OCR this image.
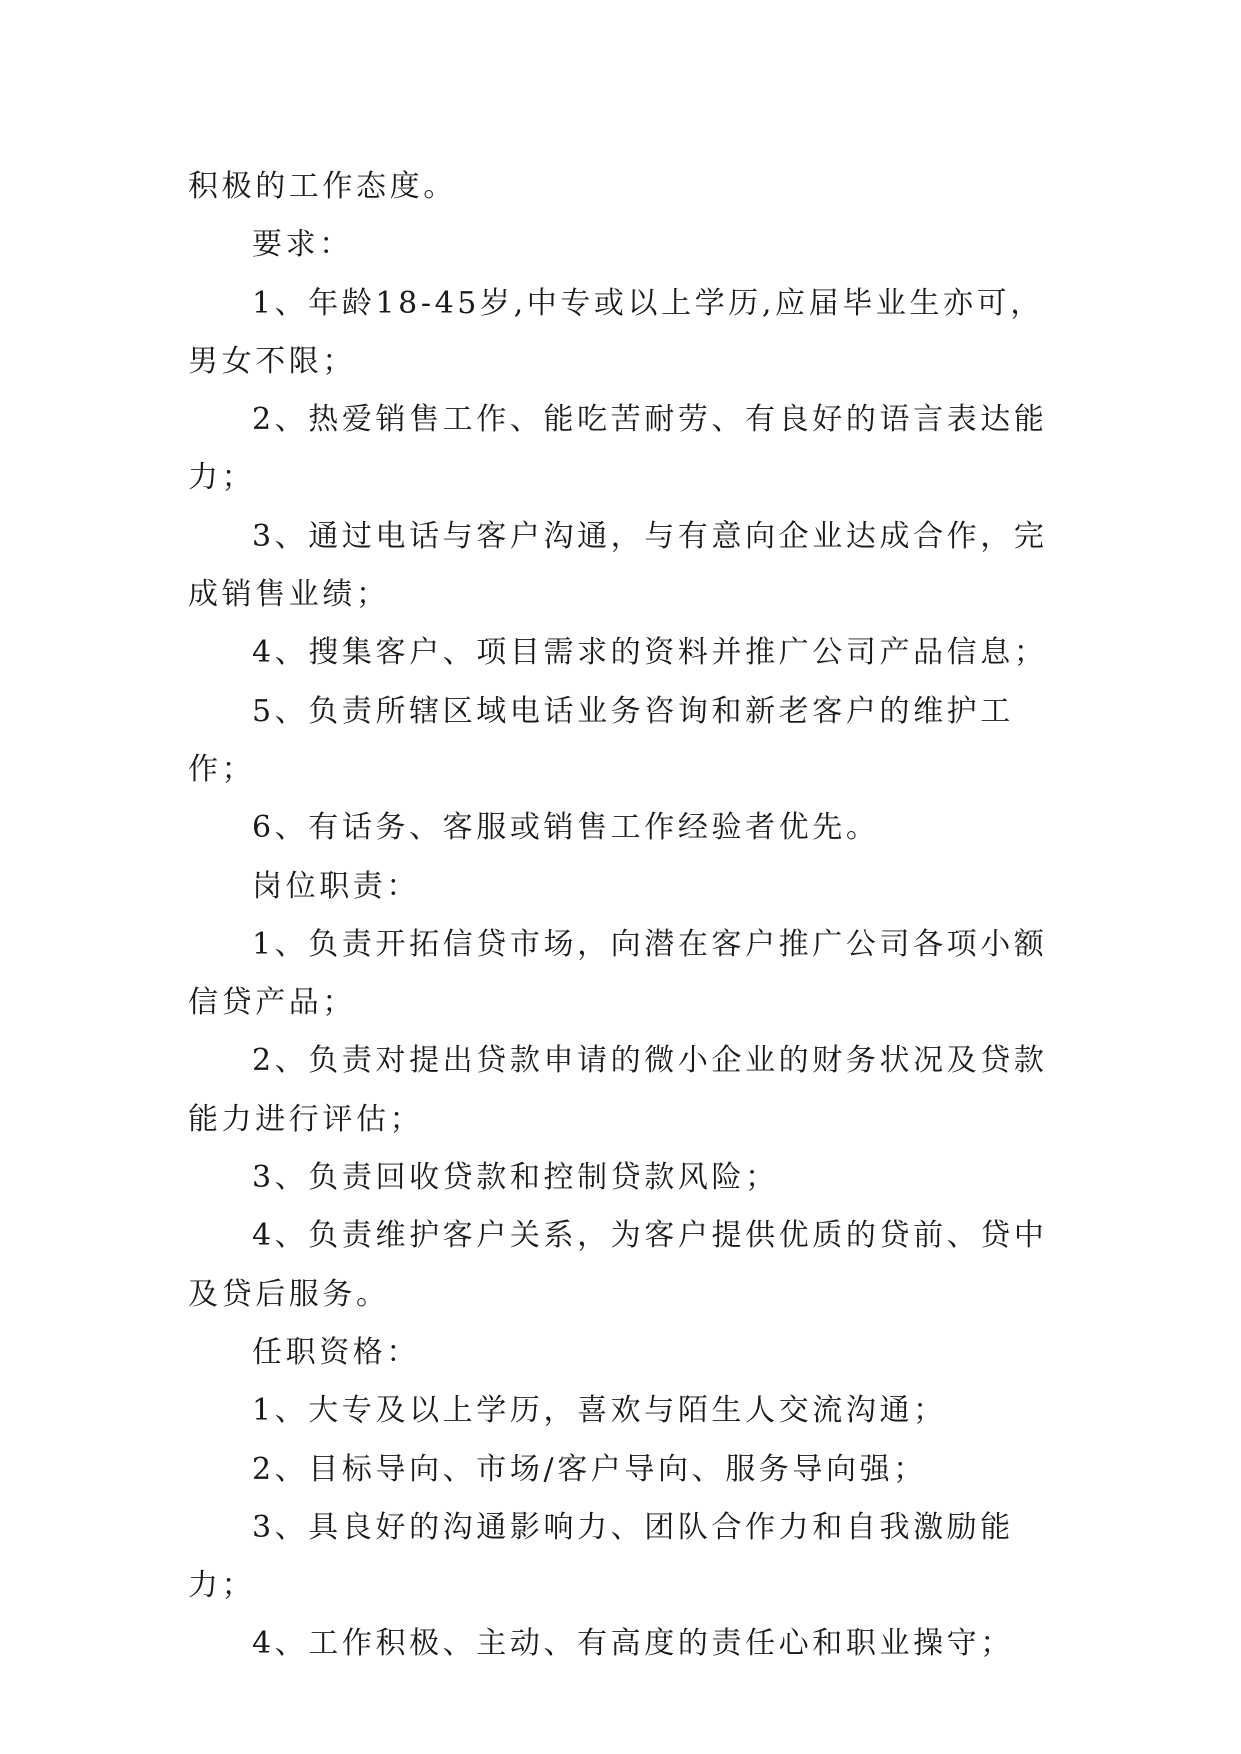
积极的工作态度。

要求：

1、年龄18-45岁,中专或以上学历,应届毕业生亦可，男女不限；

2、热爱销售工作、能吃苦耐劳、有良好的语言表达能力；

3、通过电话与客户沟通，与有意向企业达成合作，完成销售业绩；

4、搜集客户、项目需求的资料并推广公司产品信息；

5、负责所辖区域电话业务咨询和新老客户的维护工作；

6、有话务、客服或销售工作经验者优先。

岗位职责：

1、负责开拓信贷市场，向潜在客户推广公司各项小额信贷产品；

2、负责对提出贷款申请的微小企业的财务状况及贷款能力进行评估；

3、负责回收贷款和控制贷款风险；

4、负责维护客户关系，为客户提供优质的贷前、贷中及贷后服务。

任职资格：

1、大专及以上学历，喜欢与陌生人交流沟通；

2、目标导向、市场/客户导向、服务导向强；

3、具良好的沟通影响力、团队合作力和自我激励能力；

4、工作积极、主动、有高度的责任心和职业操守；
